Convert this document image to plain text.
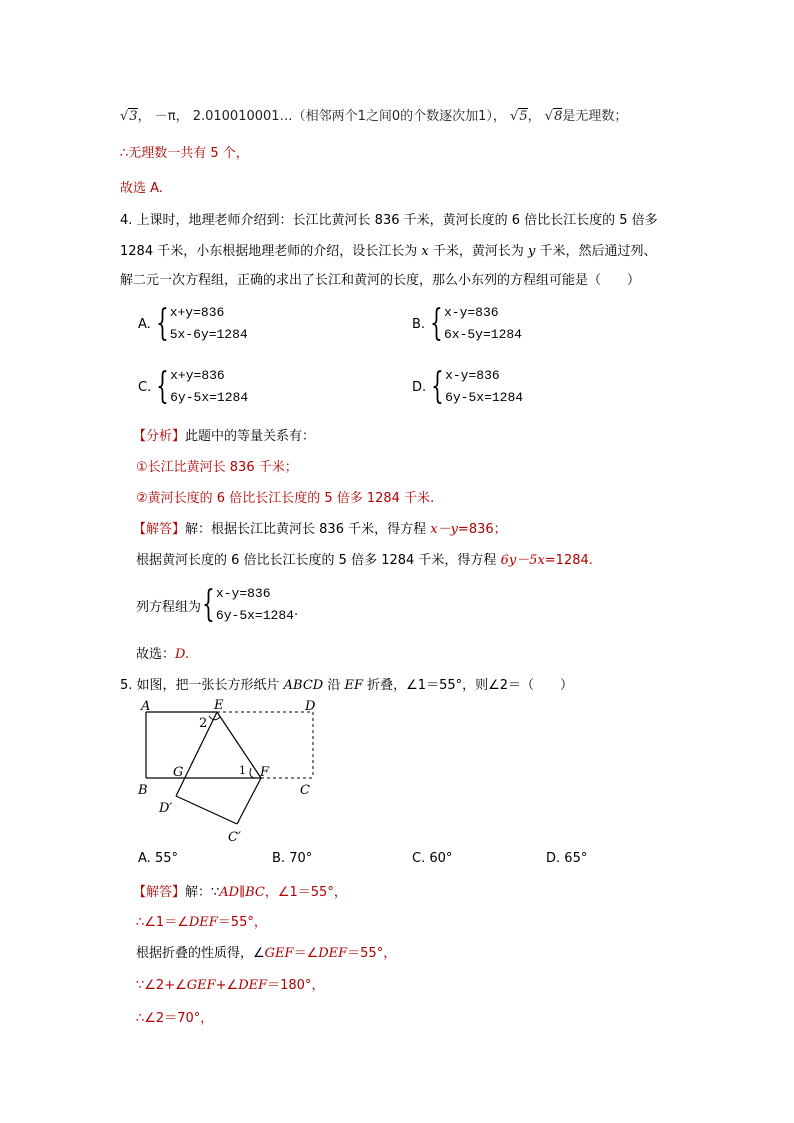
√3， －π， 2.010010001…（相邻两个1之间0的个数逐次加1）， √5， √8是无理数；
∴无理数一共有 5 个，
故选 A.
4. 上课时，地理老师介绍到：长江比黄河长 836 千米，黄河长度的 6 倍比长江长度的 5 倍多
1284 千米，小东根据地理老师的介绍，设长江长为 x 千米，黄河长为 y 千米，然后通过列、
解二元一次方程组，正确的求出了长江和黄河的长度，那么小东列的方程组可能是（　　）
A. { x+y=836
5x-6y=1284
B. { x-y=836
6x-5y=1284
C. { x+y=836
6y-5x=1284
D. { x-y=836
6y-5x=1284
【分析】此题中的等量关系有：
①长江比黄河长 836 千米；
②黄河长度的 6 倍比长江长度的 5 倍多 1284 千米.
【解答】解：根据长江比黄河长 836 千米，得方程 x－y=836；
根据黄河长度的 6 倍比长江长度的 5 倍多 1284 千米，得方程 6y－5x=1284.
列方程组为 { x-y=836
6y-5x=1284 .
故选：D.
5. 如图，把一张长方形纸片 ABCD 沿 EF 折叠，∠1＝55°，则∠2＝（　　）
A	E	D
2
G	1 F
B	C
D′
C′
A. 55°	B. 70°	C. 60°	D. 65°
【解答】解：∵AD∥BC，∠1＝55°，
∴∠1＝∠DEF＝55°，
根据折叠的性质得，∠GEF＝∠DEF＝55°，
∵∠2+∠GEF+∠DEF＝180°，
∴∠2＝70°，
